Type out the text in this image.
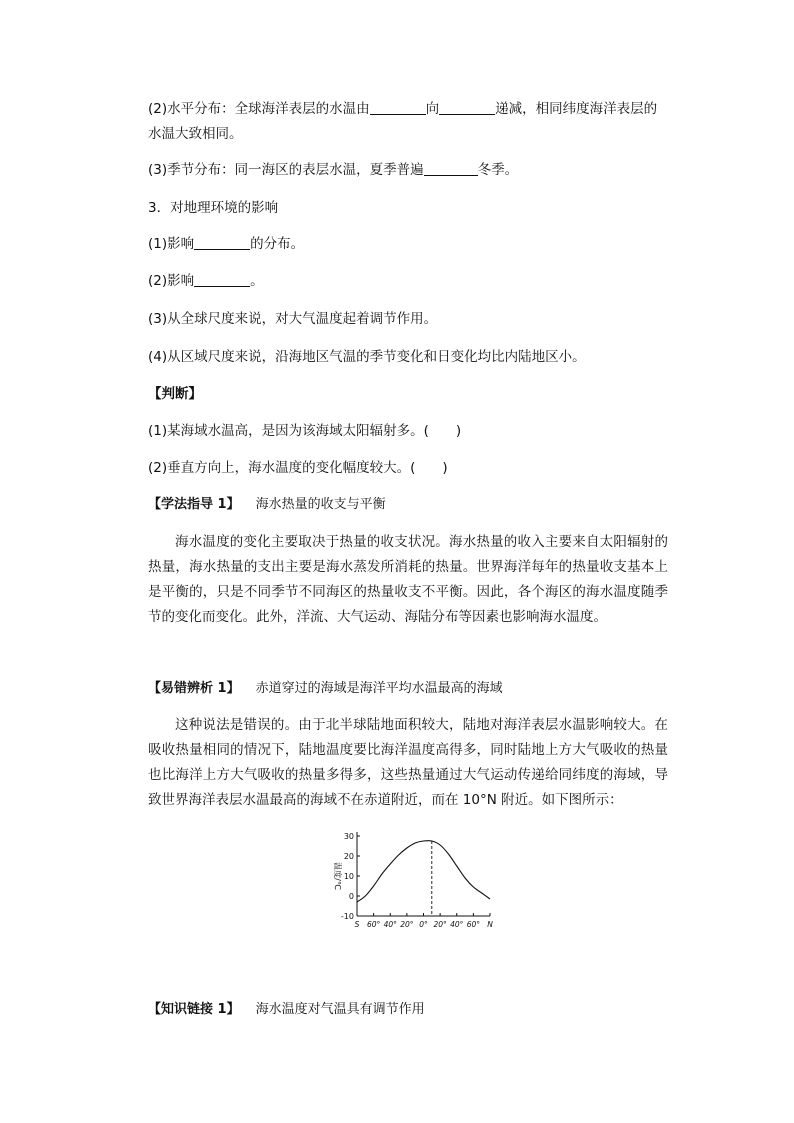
(2)水平分布：全球海洋表层的水温由	向	递减，相同纬度海洋表层的
水温大致相同。
(3)季节分布：同一海区的表层水温，夏季普遍	冬季。
3．对地理环境的影响
(1)影响	的分布。
(2)影响	。
(3)从全球尺度来说，对大气温度起着调节作用。
(4)从区域尺度来说，沿海地区气温的季节变化和日变化均比内陆地区小。
【判断】
(1)某海域水温高，是因为该海域太阳辐射多。(　　)
(2)垂直方向上，海水温度的变化幅度较大。(　　)
【学法指导 1】 海水热量的收支与平衡
海水温度的变化主要取决于热量的收支状况。海水热量的收入主要来自太阳辐射的热量，海水热量的支出主要是海水蒸发所消耗的热量。世界海洋每年的热量收支基本上是平衡的，只是不同季节不同海区的热量收支不平衡。因此，各个海区的海水温度随季节的变化而变化。此外，洋流、大气运动、海陆分布等因素也影响海水温度。
【易错辨析 1】 赤道穿过的海域是海洋平均水温最高的海域
这种说法是错误的。由于北半球陆地面积较大，陆地对海洋表层水温影响较大。在吸收热量相同的情况下，陆地温度要比海洋温度高得多，同时陆地上方大气吸收的热量也比海洋上方大气吸收的热量多得多，这些热量通过大气运动传递给同纬度的海域，导致世界海洋表层水温最高的海域不在赤道附近，而在 10°N 附近。如下图所示：
30
20
10
0
-10
S 60° 40° 20° 0° 20° 40° 60° N
温度/℃
【知识链接 1】 海水温度对气温具有调节作用
